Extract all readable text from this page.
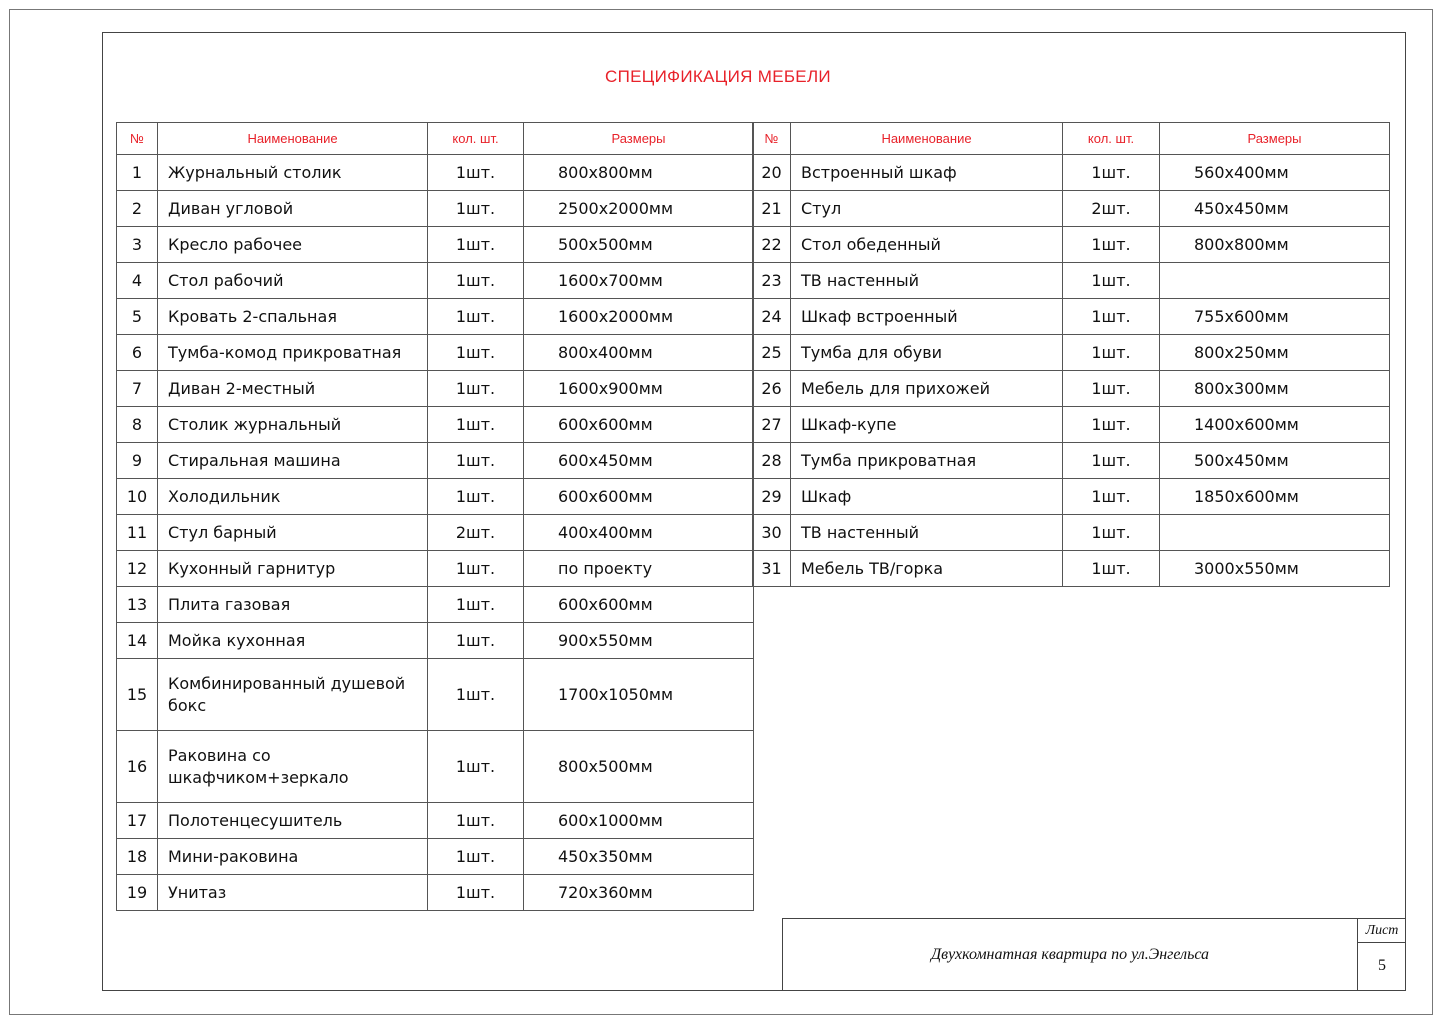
СПЕЦИФИКАЦИЯ МЕБЕЛИ
№	Наименование	кол. шт.	Размеры
1	Журнальный столик	1шт.	800х800мм
2	Диван угловой	1шт.	2500х2000мм
3	Кресло рабочее	1шт.	500х500мм
4	Стол рабочий	1шт.	1600х700мм
5	Кровать 2-спальная	1шт.	1600х2000мм
6	Тумба-комод прикроватная	1шт.	800х400мм
7	Диван 2-местный	1шт.	1600х900мм
8	Столик журнальный	1шт.	600х600мм
9	Стиральная машина	1шт.	600х450мм
10	Холодильник	1шт.	600х600мм
11	Стул барный	2шт.	400х400мм
12	Кухонный гарнитур	1шт.	по проекту
13	Плита газовая	1шт.	600х600мм
14	Мойка кухонная	1шт.	900х550мм
15	Комбинированный душевой бокс	1шт.	1700х1050мм
16	Раковина со шкафчиком+зеркало	1шт.	800х500мм
17	Полотенцесушитель	1шт.	600х1000мм
18	Мини-раковина	1шт.	450х350мм
19	Унитаз	1шт.	720х360мм
№	Наименование	кол. шт.	Размеры
20	Встроенный шкаф	1шт.	560х400мм
21	Стул	2шт.	450х450мм
22	Стол обеденный	1шт.	800х800мм
23	ТВ настенный	1шт.	
24	Шкаф встроенный	1шт.	755х600мм
25	Тумба для обуви	1шт.	800х250мм
26	Мебель для прихожей	1шт.	800х300мм
27	Шкаф-купе	1шт.	1400х600мм
28	Тумба прикроватная	1шт.	500х450мм
29	Шкаф	1шт.	1850х600мм
30	ТВ настенный	1шт.	
31	Мебель ТВ/горка	1шт.	3000х550мм
Двухкомнатная квартира по ул.Энгельса
Лист
5
